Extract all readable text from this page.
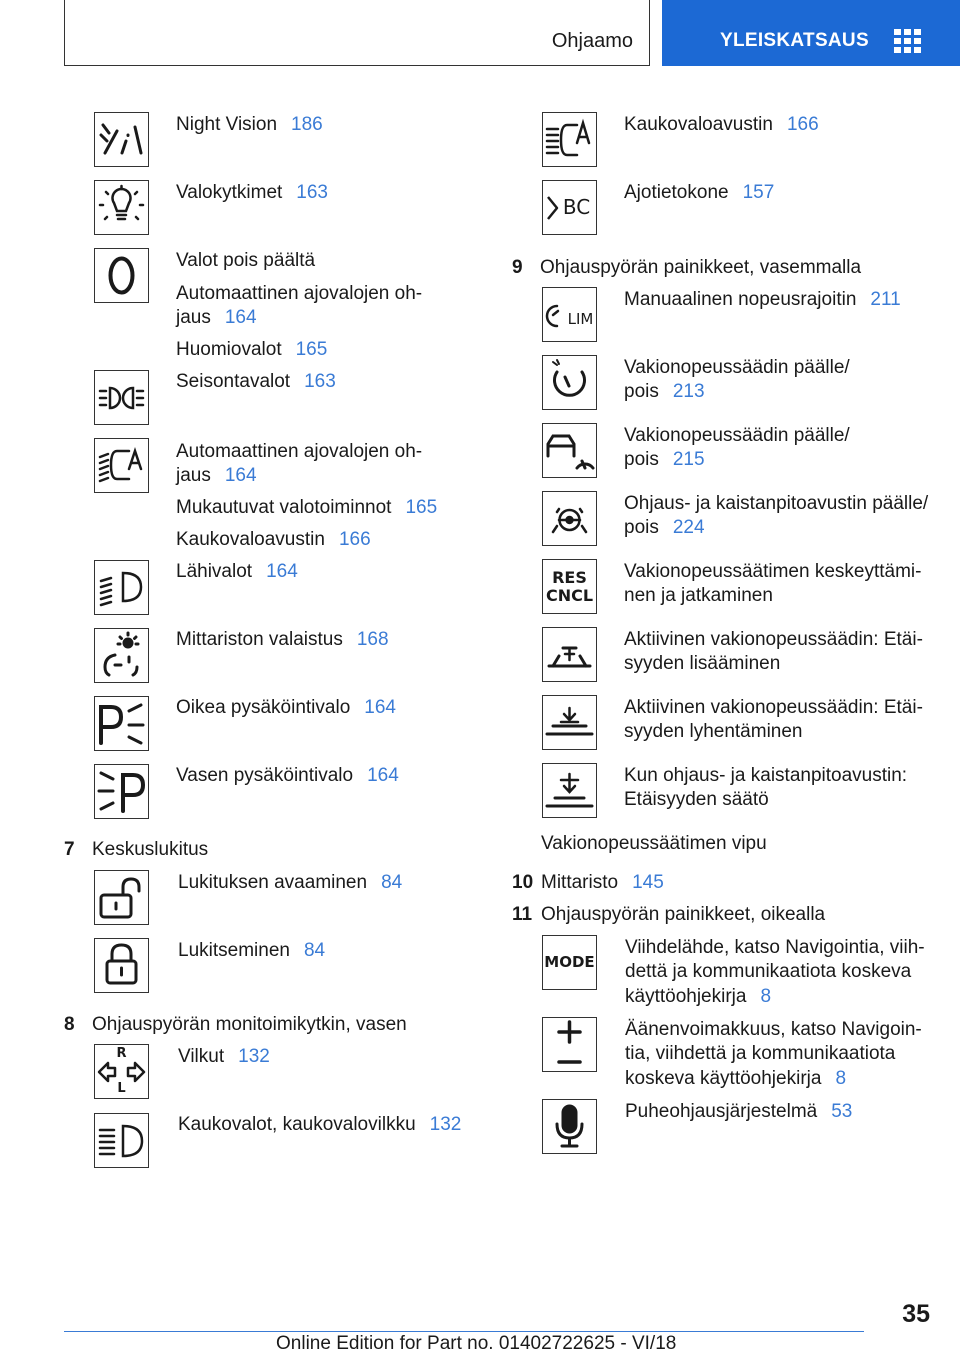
Ohjaamo	YLEISKATSAUS
Night Vision 186
Valokytkimet 163
Valot pois päältä
Automaattinen ajovalojen oh-
jaus 164
Huomiovalot 165
Seisontavalot 163
Automaattinen ajovalojen oh-
jaus 164
Mukautuvat valotoiminnot 165
Kaukovaloavustin 166
Lähivalot 164
Mittariston valaistus 168
Oikea pysäköintivalo 164
Vasen pysäköintivalo 164
7 Keskuslukitus
Lukituksen avaaminen 84
Lukitseminen 84
8 Ohjauspyörän monitoimikytkin, vasen
R
L
Vilkut 132
Kaukovalot, kaukovalovilkku 132
Kaukovaloavustin 166
BC
Ajotietokone 157
9 Ohjauspyörän painikkeet, vasemmalla
LIM
Manuaalinen nopeusrajoitin 211
Vakionopeussäädin päälle/
pois 213
Vakionopeussäädin päälle/
pois 215
Ohjaus- ja kaistanpitoavustin päälle/
pois 224
RES
CNCL
Vakionopeussäätimen keskeyttämi-
nen ja jatkaminen
Aktiivinen vakionopeussäädin: Etäi-
syyden lisääminen
Aktiivinen vakionopeussäädin: Etäi-
syyden lyhentäminen
Kun ohjaus- ja kaistanpitoavustin:
Etäisyyden säätö
Vakionopeussäätimen vipu
10 Mittaristo 145
11 Ohjauspyörän painikkeet, oikealla
MODE
Viihdelähde, katso Navigointia, viih-
dettä ja kommunikaatiota koskeva
käyttöohjekirja 8
Äänenvoimakkuus, katso Navigoin-
tia, viihdettä ja kommunikaatiota
koskeva käyttöohjekirja 8
Puheohjausjärjestelmä 53
35
Online Edition for Part no. 01402722625 - VI/18
